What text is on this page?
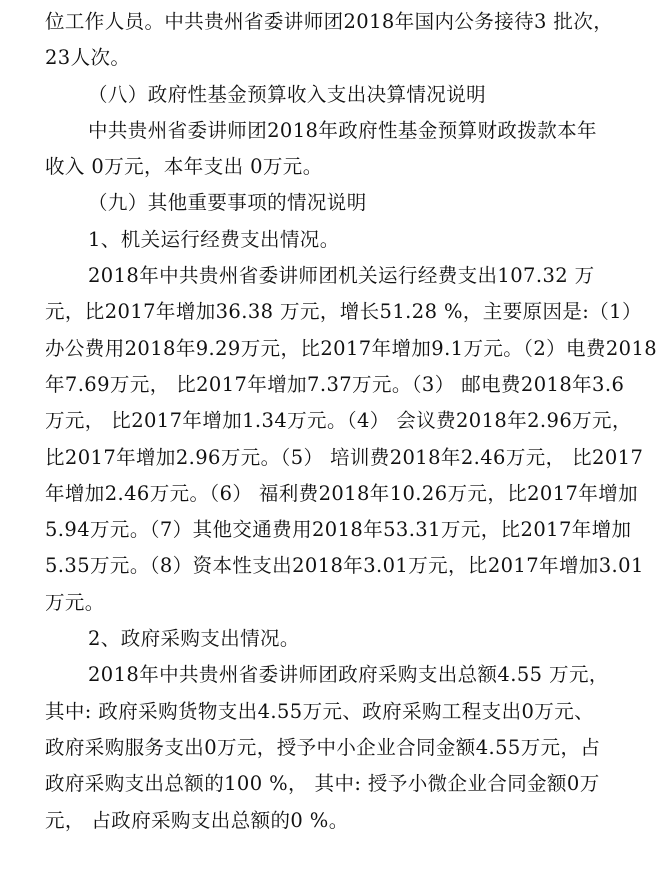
位工作人员。中共贵州省委讲师团2018年国内公务接待3 批次，
23人次。
（八）政府性基金预算收入支出决算情况说明
中共贵州省委讲师团2018年政府性基金预算财政拨款本年
收入 0万元，本年支出 0万元。
（九）其他重要事项的情况说明
1、机关运行经费支出情况。
2018年中共贵州省委讲师团机关运行经费支出107.32 万
元，比2017年增加36.38 万元，增长51.28 %，主要原因是:（1）
办公费用2018年9.29万元，比2017年增加9.1万元。（2）电费2018
年7.69万元， 比2017年增加7.37万元。（3） 邮电费2018年3.6
万元， 比2017年增加1.34万元。（4） 会议费2018年2.96万元，
比2017年增加2.96万元。（5） 培训费2018年2.46万元， 比2017
年增加2.46万元。（6） 福利费2018年10.26万元，比2017年增加
5.94万元。（7）其他交通费用2018年53.31万元，比2017年增加
5.35万元。（8）资本性支出2018年3.01万元，比2017年增加3.01
万元。
2、政府采购支出情况。
2018年中共贵州省委讲师团政府采购支出总额4.55 万元，
其中: 政府采购货物支出4.55万元、政府采购工程支出0万元、
政府采购服务支出0万元，授予中小企业合同金额4.55万元，占
政府采购支出总额的100 %， 其中: 授予小微企业合同金额0万
元， 占政府采购支出总额的0 %。
